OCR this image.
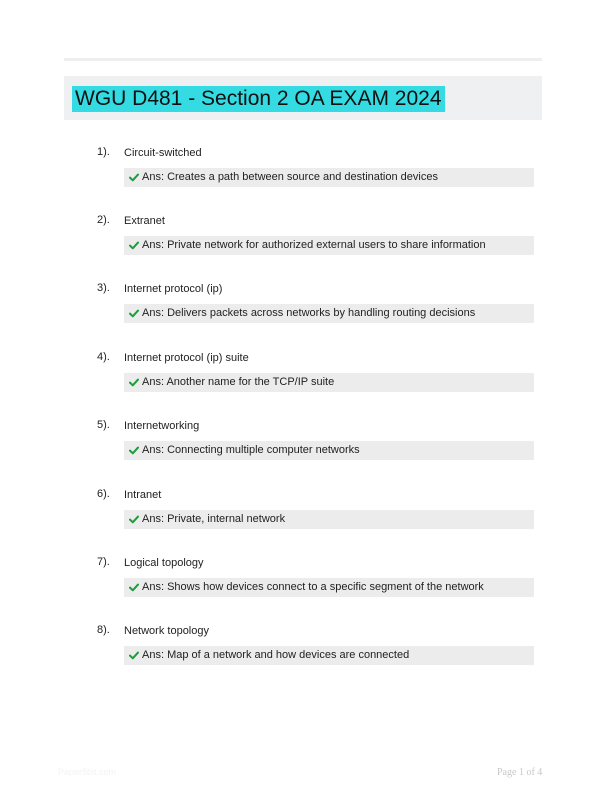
WGU D481 - Section 2 OA EXAM 2024
1). Circuit-switched
Ans: Creates a path between source and destination devices
2). Extranet
Ans: Private network for authorized external users to share information
3). Internet protocol (ip)
Ans: Delivers packets across networks by handling routing decisions
4). Internet protocol (ip) suite
Ans: Another name for the TCP/IP suite
5). Internetworking
Ans: Connecting multiple computer networks
6). Intranet
Ans: Private, internal network
7). Logical topology
Ans: Shows how devices connect to a specific segment of the network
8). Network topology
Ans: Map of a network and how devices are connected
Paper8bit.com	Page 1 of 4
